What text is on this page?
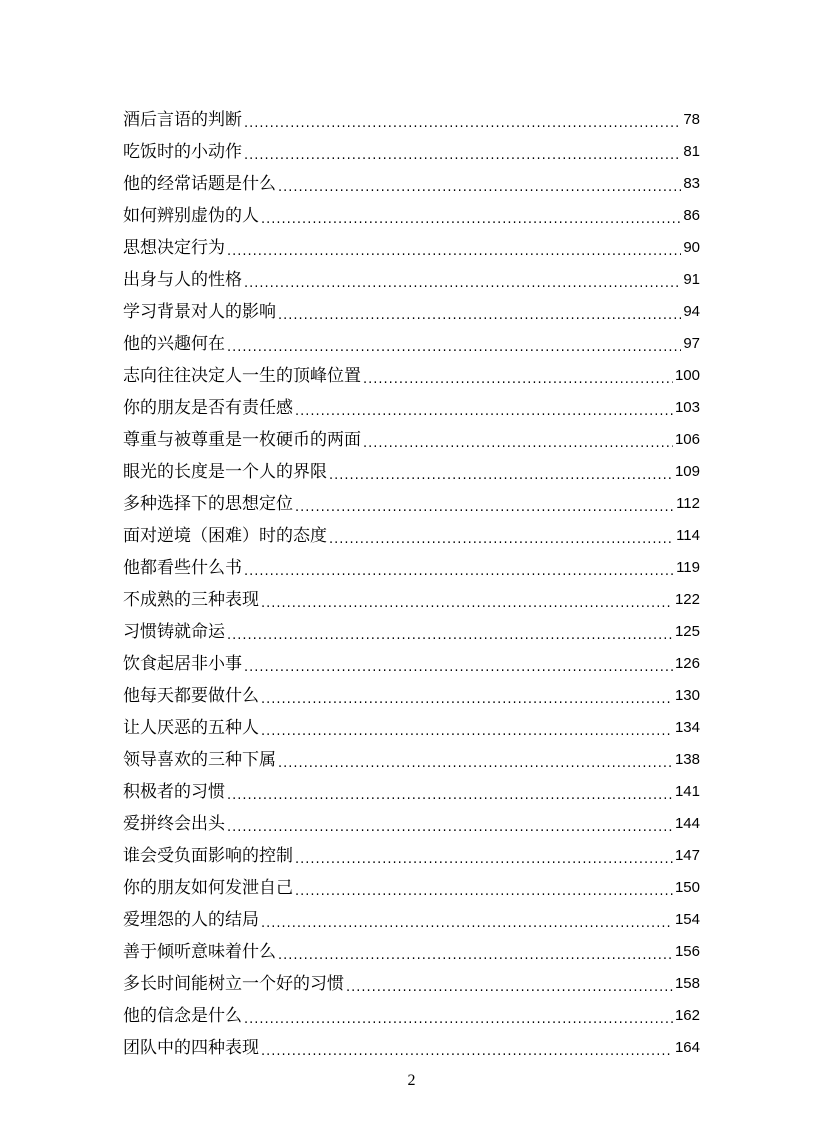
酒后言语的判断 .....	78
吃饭时的小动作 .....	81
他的经常话题是什么 .....	83
如何辨别虚伪的人 .....	86
思想决定行为 .....	90
出身与人的性格 .....	91
学习背景对人的影响 .....	94
他的兴趣何在 .....	97
志向往往决定人一生的顶峰位置 .....	100
你的朋友是否有责任感 .....	103
尊重与被尊重是一枚硬币的两面 .....	106
眼光的长度是一个人的界限 .....	109
多种选择下的思想定位 .....	112
面对逆境（困难）时的态度 .....	114
他都看些什么书 .....	119
不成熟的三种表现 .....	122
习惯铸就命运 .....	125
饮食起居非小事 .....	126
他每天都要做什么 .....	130
让人厌恶的五种人 .....	134
领导喜欢的三种下属 .....	138
积极者的习惯 .....	141
爱拼终会出头 .....	144
谁会受负面影响的控制 .....	147
你的朋友如何发泄自己 .....	150
爱埋怨的人的结局 .....	154
善于倾听意味着什么 .....	156
多长时间能树立一个好的习惯 .....	158
他的信念是什么 .....	162
团队中的四种表现 .....	164
2
